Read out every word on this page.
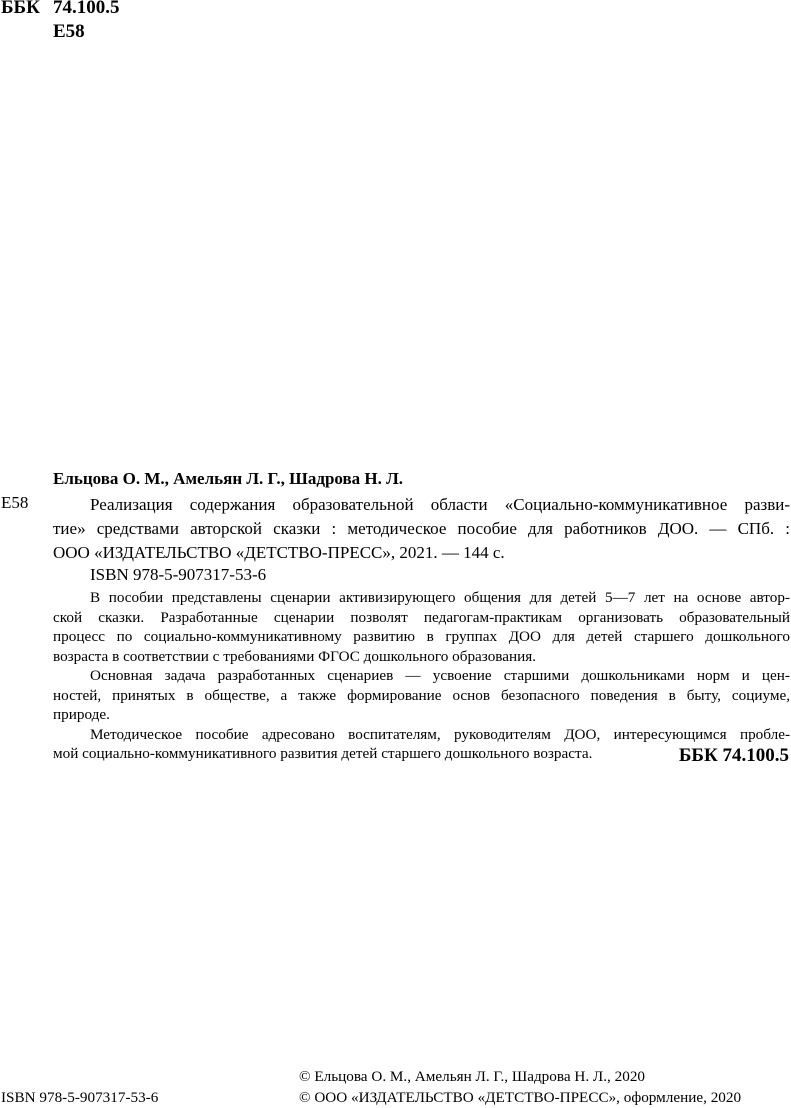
ББК 74.100.5
Е58
Ельцова О. М., Амельян Л. Г., Шадрова Н. Л.
Е58	Реализация содержания образовательной области «Социально-коммуникативное разви-
тие» средствами авторской сказки : методическое пособие для работников ДОО. — СПб. :
ООО «ИЗДАТЕЛЬСТВО «ДЕТСТВО-ПРЕСС», 2021. — 144 с.
ISBN 978-5-907317-53-6
В пособии представлены сценарии активизирующего общения для детей 5—7 лет на основе автор-
ской сказки. Разработанные сценарии позволят педагогам-практикам организовать образовательный
процесс по социально-коммуникативному развитию в группах ДОО для детей старшего дошкольного
возраста в соответствии с требованиями ФГОС дошкольного образования.
Основная задача разработанных сценариев — усвоение старшими дошкольниками норм и цен-
ностей, принятых в обществе, а также формирование основ безопасного поведения в быту, социуме,
природе.
Методическое пособие адресовано воспитателям, руководителям ДОО, интересующимся пробле-
мой социально-коммуникативного развития детей старшего дошкольного возраста.	ББК 74.100.5
© Ельцова О. М., Амельян Л. Г., Шадрова Н. Л., 2020
ISBN 978-5-907317-53-6	© ООО «ИЗДАТЕЛЬСТВО «ДЕТСТВО-ПРЕСС», оформление, 2020
